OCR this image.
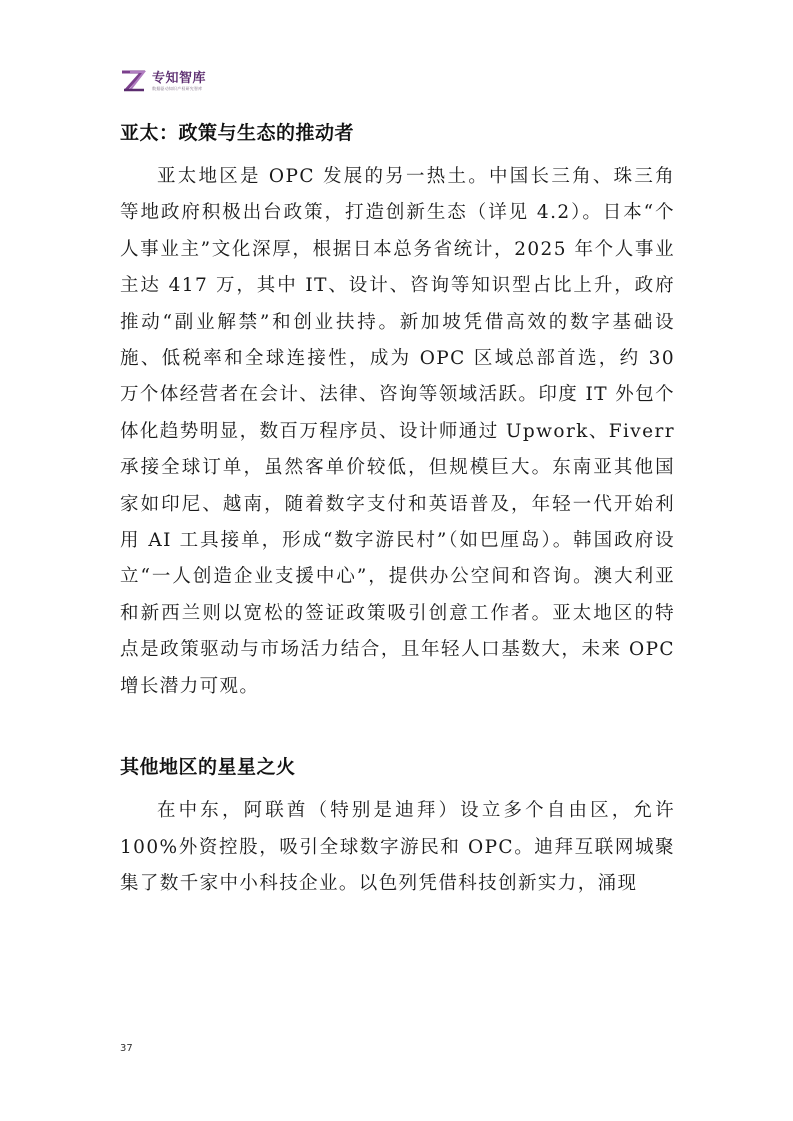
专知智库
数据驱动知识产权研究智库
亚太：政策与生态的推动者

亚太地区是 OPC 发展的另一热土。中国长三角、珠三角等地政府积极出台政策，打造创新生态（详见 4.2）。日本“个人事业主”文化深厚，根据日本总务省统计，2025 年个人事业主达 417 万，其中 IT、设计、咨询等知识型占比上升，政府推动“副业解禁”和创业扶持。新加坡凭借高效的数字基础设施、低税率和全球连接性，成为 OPC 区域总部首选，约 30 万个体经营者在会计、法律、咨询等领域活跃。印度 IT 外包个体化趋势明显，数百万程序员、设计师通过 Upwork、Fiverr 承接全球订单，虽然客单价较低，但规模巨大。东南亚其他国家如印尼、越南，随着数字支付和英语普及，年轻一代开始利用 AI 工具接单，形成“数字游民村”（如巴厘岛）。韩国政府设立“一人创造企业支援中心”，提供办公空间和咨询。澳大利亚和新西兰则以宽松的签证政策吸引创意工作者。亚太地区的特点是政策驱动与市场活力结合，且年轻人口基数大，未来 OPC 增长潜力可观。

其他地区的星星之火

在中东，阿联酋（特别是迪拜）设立多个自由区，允许 100%外资控股，吸引全球数字游民和 OPC。迪拜互联网城聚集了数千家中小科技企业。以色列凭借科技创新实力，涌现

37
